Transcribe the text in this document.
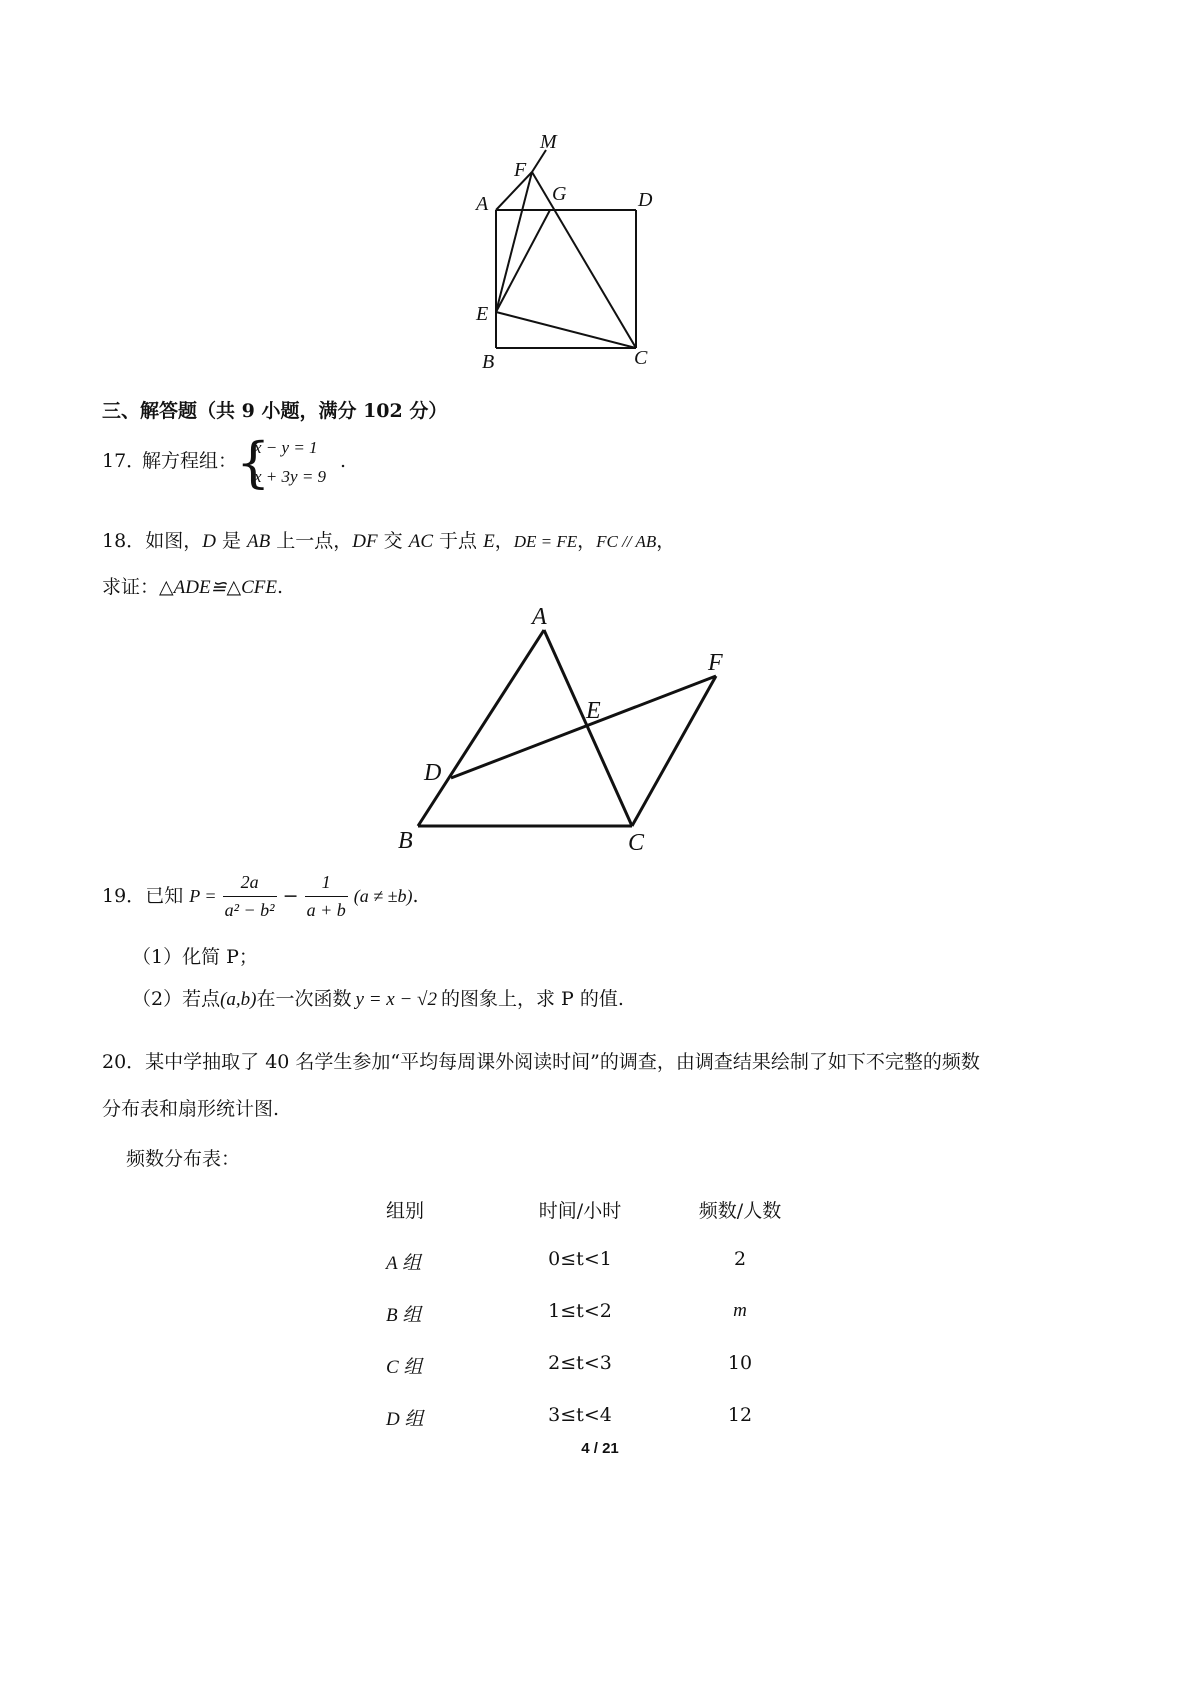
M
F
A	G	D
E
B	C
三、解答题（共 9 小题，满分 102 分）
17．
解方程组：
{
x − y = 1
x + 3y = 9
.
18．如图，D 是 AB 上一点，DF 交 AC 于点 E，DE = FE，FC // AB，
求证：△ADE≌△CFE.
A
F
E
D
B	C
19．已知 $P = \frac{2a}{\text{a² − b²}} - \frac{1}{a + b} (a \ne \pm b)$.
（1）化简 P；
（2）若点(a,b)在一次函数 y = x − √2 的图象上，求 P 的值.
20．某中学抽取了 40 名学生参加“平均每周课外阅读时间”的调查，由调查结果绘制了如下不完整的频数
分布表和扇形统计图.
频数分布表：
组别	时间/小时	频数/人数
A 组	0≤t<1	2
B 组	1≤t<2	m
C 组	2≤t<3	10
D 组	3≤t<4	12
4 / 21
